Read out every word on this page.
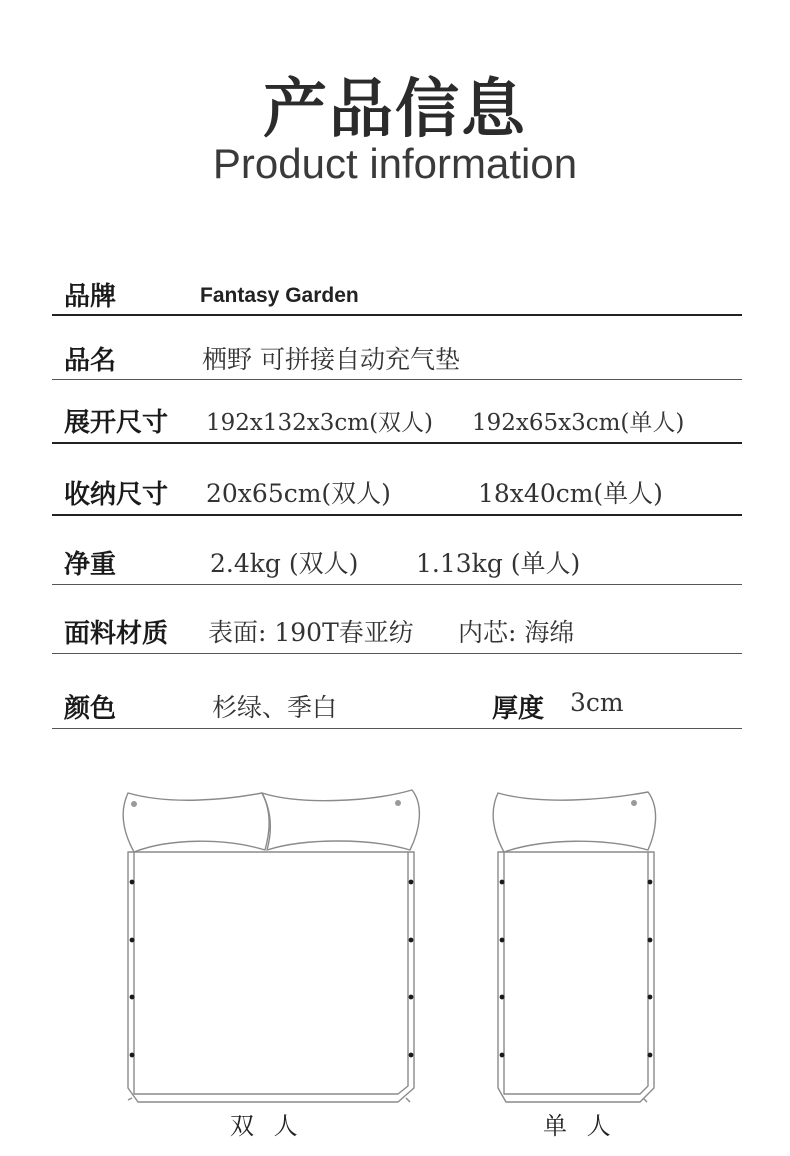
产品信息
Product information
品牌	Fantasy Garden
品名	栖野 可拼接自动充气垫
展开尺寸 192x132x3cm(双人) 192x65x3cm(单人)
收纳尺寸 20x65cm(双人)	18x40cm(单人)
净重	2.4kg (双人) 1.13kg (单人)
面料材质 表面: 190T春亚纺 内芯: 海绵
颜色	杉绿、季白	厚度 3cm
双 人	单 人
